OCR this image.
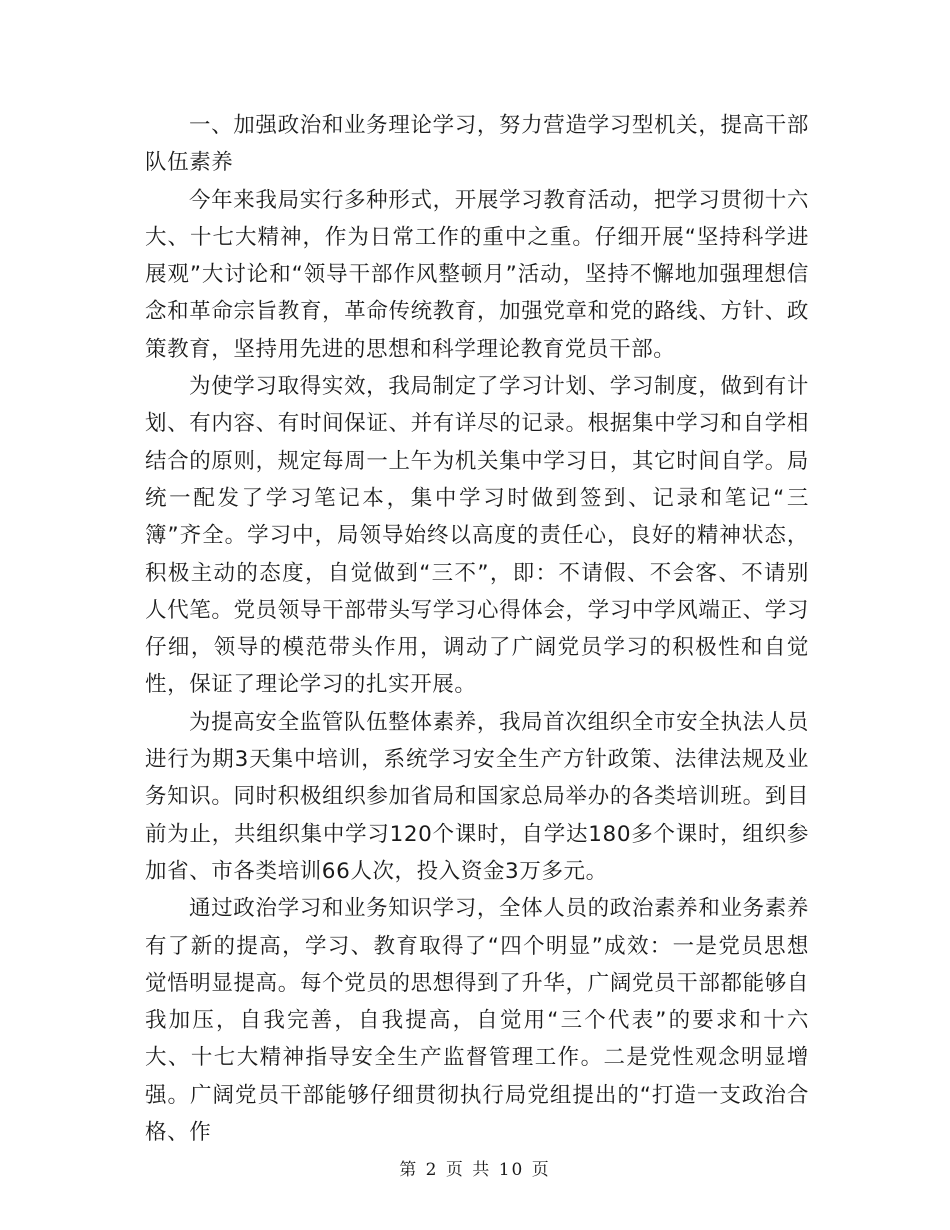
一、加强政治和业务理论学习，努力营造学习型机关，提高干部队伍素养

今年来我局实行多种形式，开展学习教育活动，把学习贯彻十六大、十七大精神，作为日常工作的重中之重。仔细开展“坚持科学进展观”大讨论和“领导干部作风整顿月”活动，坚持不懈地加强理想信念和革命宗旨教育，革命传统教育，加强党章和党的路线、方针、政策教育，坚持用先进的思想和科学理论教育党员干部。

为使学习取得实效，我局制定了学习计划、学习制度，做到有计划、有内容、有时间保证、并有详尽的记录。根据集中学习和自学相结合的原则，规定每周一上午为机关集中学习日，其它时间自学。局统一配发了学习笔记本，集中学习时做到签到、记录和笔记“三簿”齐全。学习中，局领导始终以高度的责任心，良好的精神状态，积极主动的态度，自觉做到“三不”，即：不请假、不会客、不请别人代笔。党员领导干部带头写学习心得体会，学习中学风端正、学习仔细，领导的模范带头作用，调动了广阔党员学习的积极性和自觉性，保证了理论学习的扎实开展。

为提高安全监管队伍整体素养，我局首次组织全市安全执法人员进行为期3天集中培训，系统学习安全生产方针政策、法律法规及业务知识。同时积极组织参加省局和国家总局举办的各类培训班。到目前为止，共组织集中学习120个课时，自学达180多个课时，组织参加省、市各类培训66人次，投入资金3万多元。

通过政治学习和业务知识学习，全体人员的政治素养和业务素养有了新的提高，学习、教育取得了“四个明显”成效：一是党员思想觉悟明显提高。每个党员的思想得到了升华，广阔党员干部都能够自我加压，自我完善，自我提高，自觉用“三个代表”的要求和十六大、十七大精神指导安全生产监督管理工作。二是党性观念明显增强。广阔党员干部能够仔细贯彻执行局党组提出的“打造一支政治合格、作

第 2 页 共 10 页
